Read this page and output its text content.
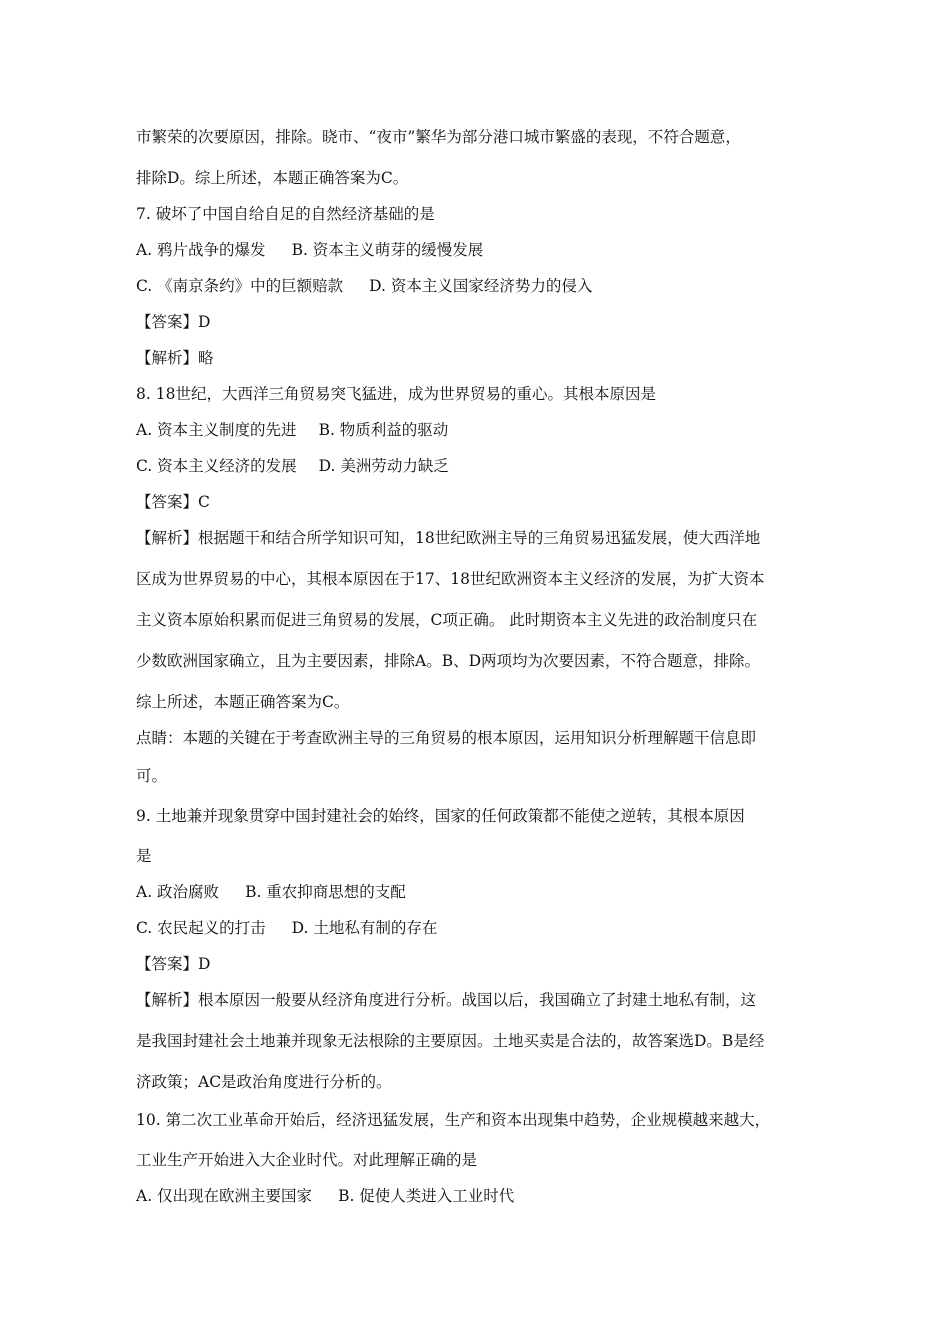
市繁荣的次要原因，排除。晓市、“夜市”繁华为部分港口城市繁盛的表现，不符合题意，
排除D。综上所述，本题正确答案为C。
7. 破坏了中国自给自足的自然经济基础的是
A. 鸦片战争的爆发 B. 资本主义萌芽的缓慢发展
C. 《南京条约》中的巨额赔款 D. 资本主义国家经济势力的侵入
【答案】D
【解析】略
8. 18世纪，大西洋三角贸易突飞猛进，成为世界贸易的重心。其根本原因是
A. 资本主义制度的先进 B. 物质利益的驱动
C. 资本主义经济的发展 D. 美洲劳动力缺乏
【答案】C
【解析】根据题干和结合所学知识可知，18世纪欧洲主导的三角贸易迅猛发展，使大西洋地
区成为世界贸易的中心，其根本原因在于17、18世纪欧洲资本主义经济的发展，为扩大资本
主义资本原始积累而促进三角贸易的发展，C项正确。 此时期资本主义先进的政治制度只在
少数欧洲国家确立，且为主要因素，排除A。B、D两项均为次要因素，不符合题意，排除。
综上所述，本题正确答案为C。
点睛：本题的关键在于考查欧洲主导的三角贸易的根本原因，运用知识分析理解题干信息即
可。
9. 土地兼并现象贯穿中国封建社会的始终，国家的任何政策都不能使之逆转，其根本原因
是
A. 政治腐败 B. 重农抑商思想的支配
C. 农民起义的打击 D. 土地私有制的存在
【答案】D
【解析】根本原因一般要从经济角度进行分析。战国以后，我国确立了封建土地私有制，这
是我国封建社会土地兼并现象无法根除的主要原因。土地买卖是合法的，故答案选D。B是经
济政策；AC是政治角度进行分析的。
10. 第二次工业革命开始后，经济迅猛发展，生产和资本出现集中趋势，企业规模越来越大，
工业生产开始进入大企业时代。对此理解正确的是
A. 仅出现在欧洲主要国家 B. 促使人类进入工业时代
